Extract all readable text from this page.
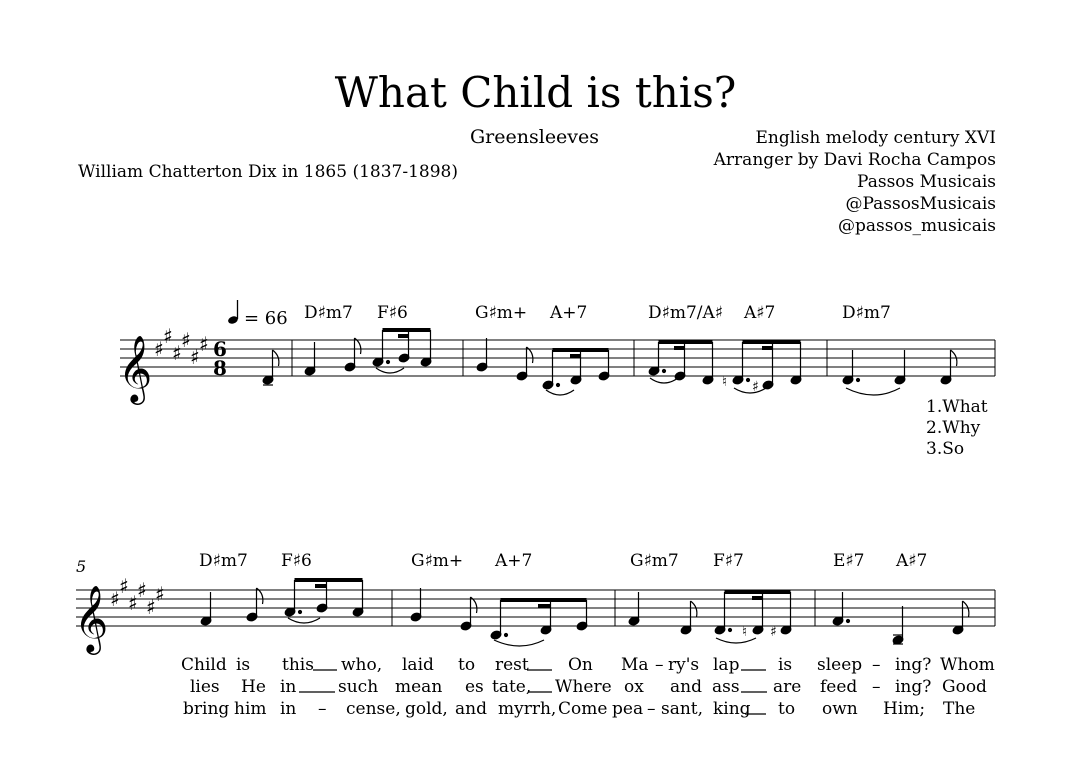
What Child is this?
Greensleeves
William Chatterton Dix in 1865 (1837-1898)
English melody century XVI
Arranger by Davi Rocha Campos
Passos Musicais
@PassosMusicais
@passos_musicais
𝄞 ♯
♯
♯
♯
♯
♯ 6
8
= 66 D♯m7 F♯6	G♯m+ A+7	D♯m7/A♯ A♯7	D♯m7
♮ ♯
1.What
2.Why
3.So
5
𝄞 ♯
♯
♯
♯
♯
♯
D♯m7 F♯6	G♯m+ A+7	G♯m7 F♯7	E♯7 A♯7
♮ ♯
Child is this who, laid to rest On Ma – ry's lap is sleep – ing? Whom
lies He in such mean es tate, Where ox and ass are feed – ing? Good
bring him in – cense, gold, and myrrh, Come pea – sant, king to own Him; The
